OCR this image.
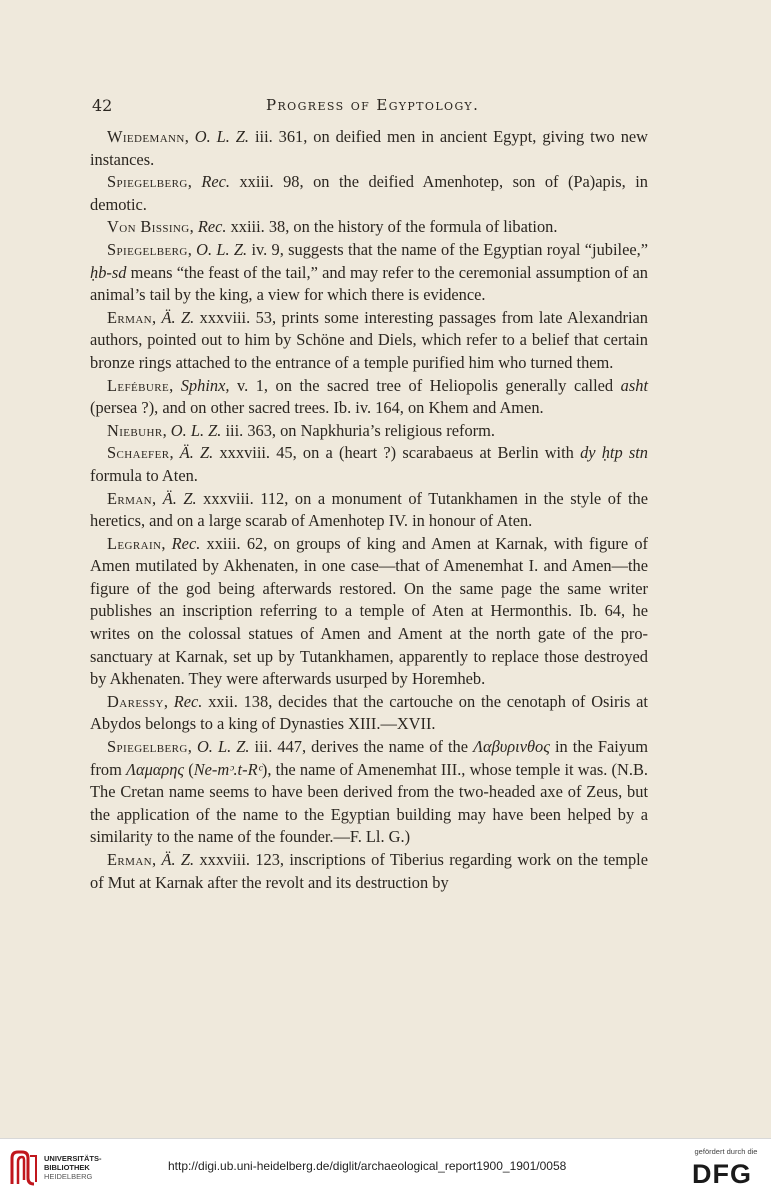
42	Progress of Egyptology.

Wiedemann, O. L. Z. iii. 361, on deified men in ancient Egypt, giving two new instances.

Spiegelberg, Rec. xxiii. 98, on the deified Amenhotep, son of (Pa)apis, in demotic.

Von Bissing, Rec. xxiii. 38, on the history of the formula of libation.

Spiegelberg, O. L. Z. iv. 9, suggests that the name of the Egyptian royal “jubilee,” ḥb-sd means “the feast of the tail,” and may refer to the ceremonial assumption of an animal’s tail by the king, a view for which there is evidence.

Erman, Ä. Z. xxxviii. 53, prints some interesting passages from late Alexandrian authors, pointed out to him by Schöne and Diels, which refer to a belief that certain bronze rings attached to the entrance of a temple purified him who turned them.

Lefébure, Sphinx, v. 1, on the sacred tree of Heliopolis generally called asht (persea ?), and on other sacred trees. Ib. iv. 164, on Khem and Amen.

Niebuhr, O. L. Z. iii. 363, on Napkhuria’s religious reform.

Schaefer, Ä. Z. xxxviii. 45, on a (heart ?) scarabaeus at Berlin with dy ḥtp stn formula to Aten.

Erman, Ä. Z. xxxviii. 112, on a monument of Tutankhamen in the style of the heretics, and on a large scarab of Amenhotep IV. in honour of Aten.

Legrain, Rec. xxiii. 62, on groups of king and Amen at Karnak, with figure of Amen mutilated by Akhenaten, in one case—that of Amenemhat I. and Amen—the figure of the god being afterwards restored. On the same page the same writer publishes an inscription referring to a temple of Aten at Hermonthis. Ib. 64, he writes on the colossal statues of Amen and Ament at the north gate of the pro-sanctuary at Karnak, set up by Tutankhamen, apparently to replace those destroyed by Akhenaten. They were afterwards usurped by Horemheb.

Daressy, Rec. xxii. 138, decides that the cartouche on the cenotaph of Osiris at Abydos belongs to a king of Dynasties XIII.—XVII.

Spiegelberg, O. L. Z. iii. 447, derives the name of the Λαβυρινθος in the Faiyum from Λαμαρης (Ne-mᵓ.t-Rᶜ), the name of Amenemhat III., whose temple it was. (N.B. The Cretan name seems to have been derived from the two-headed axe of Zeus, but the application of the name to the Egyptian building may have been helped by a similarity to the name of the founder.—F. Ll. G.)

Erman, Ä. Z. xxxviii. 123, inscriptions of Tiberius regarding work on the temple of Mut at Karnak after the revolt and its destruction by

UNIVERSITÄTS-
BIBLIOTHEK
HEIDELBERG
http://digi.ub.uni-heidelberg.de/diglit/archaeological_report1900_1901/0058
gefördert durch die
DFG
